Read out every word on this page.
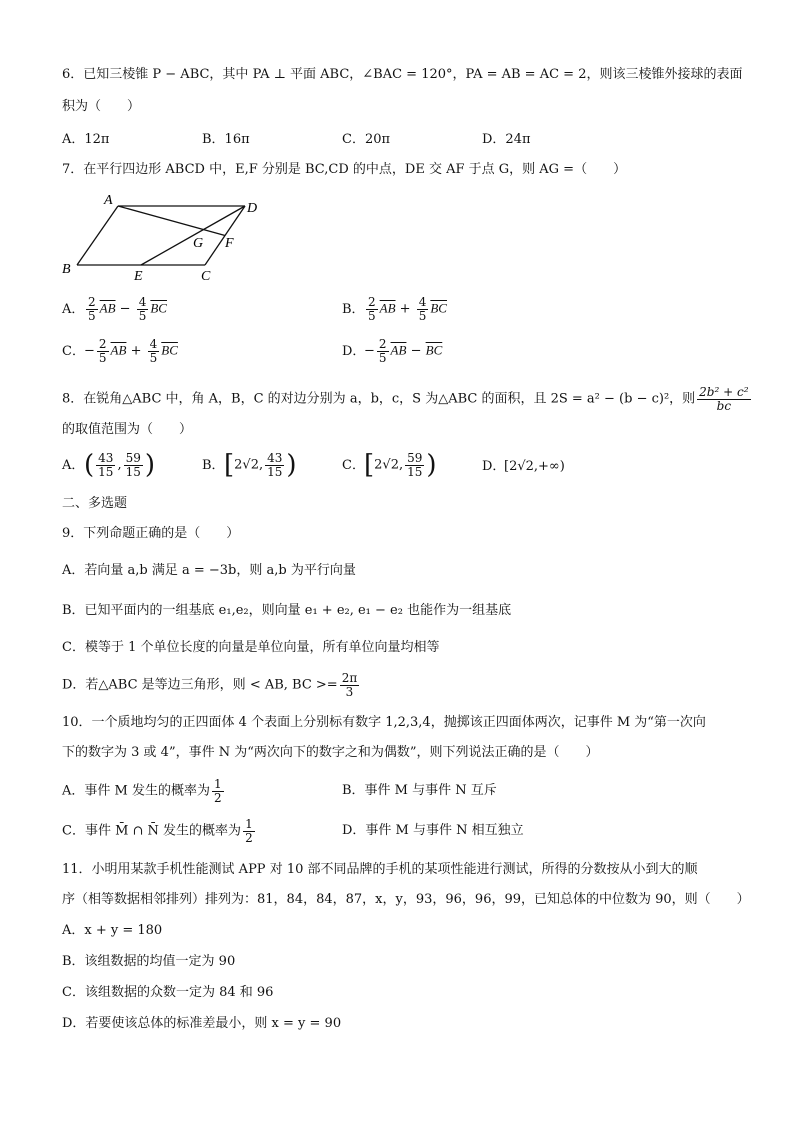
6．已知三棱锥 P − ABC，其中 PA ⊥ 平面 ABC，∠BAC = 120°，PA = AB = AC = 2，则该三棱锥外接球的表面
积为（　　）
A．12π	B．16π	C．20π	D．24π
7．在平行四边形 ABCD 中，E,F 分别是 BC,CD 的中点，DE 交 AF 于点 G，则 AG =（　　）
A
D
B	E	C
G F
A． $\frac{2}{5} \overline{AB} - \frac{4}{5} \overline{BC}$	B． $\frac{2}{5} \overline{AB} + \frac{4}{5} \overline{BC}$
C．− $\frac{2}{5} \overline{AB} + \frac{4}{5} \overline{BC}$	D．− $\frac{2}{5} \overline{AB} - \overline{BC}$
8．在锐角△ABC 中，角 A，B，C 的对边分别为 a，b，c，S 为△ABC 的面积，且 2S = a² − (b − c)²，则 $\frac{\text{2b² + c²}}{bc}$
的取值范围为（　　）
A．( $\frac{43}{15}$ , $\frac{59}{15}$ )	B．[2√2, $\frac{43}{15}$ )	C．[2√2, $\frac{59}{15}$ )	D．[2√2,+∞)
二、多选题
9．下列命题正确的是（　　）
A．若向量 a,b 满足 a = −3b，则 a,b 为平行向量
B．已知平面内的一组基底 e₁,e₂，则向量 e₁ + e₂, e₁ − e₂ 也能作为一组基底
C．模等于 1 个单位长度的向量是单位向量，所有单位向量均相等
D．若△ABC 是等边三角形，则 < AB, BC >= $\frac{2\pi}{3}$
10．一个质地均匀的正四面体 4 个表面上分别标有数字 1,2,3,4，抛掷该正四面体两次，记事件 M 为“第一次向
下的数字为 3 或 4”，事件 N 为“两次向下的数字之和为偶数”，则下列说法正确的是（　　）
A．事件 M 发生的概率为 $\frac{1}{2}$	B．事件 M 与事件 N 互斥
C．事件 M̄ ∩ N̄ 发生的概率为 $\frac{1}{2}$	D．事件 M 与事件 N 相互独立
11．小明用某款手机性能测试 APP 对 10 部不同品牌的手机的某项性能进行测试，所得的分数按从小到大的顺
序（相等数据相邻排列）排列为：81，84，84，87，x，y，93，96，96，99，已知总体的中位数为 90，则（　　）
A．x + y = 180
B．该组数据的均值一定为 90
C．该组数据的众数一定为 84 和 96
D．若要使该总体的标准差最小，则 x = y = 90
